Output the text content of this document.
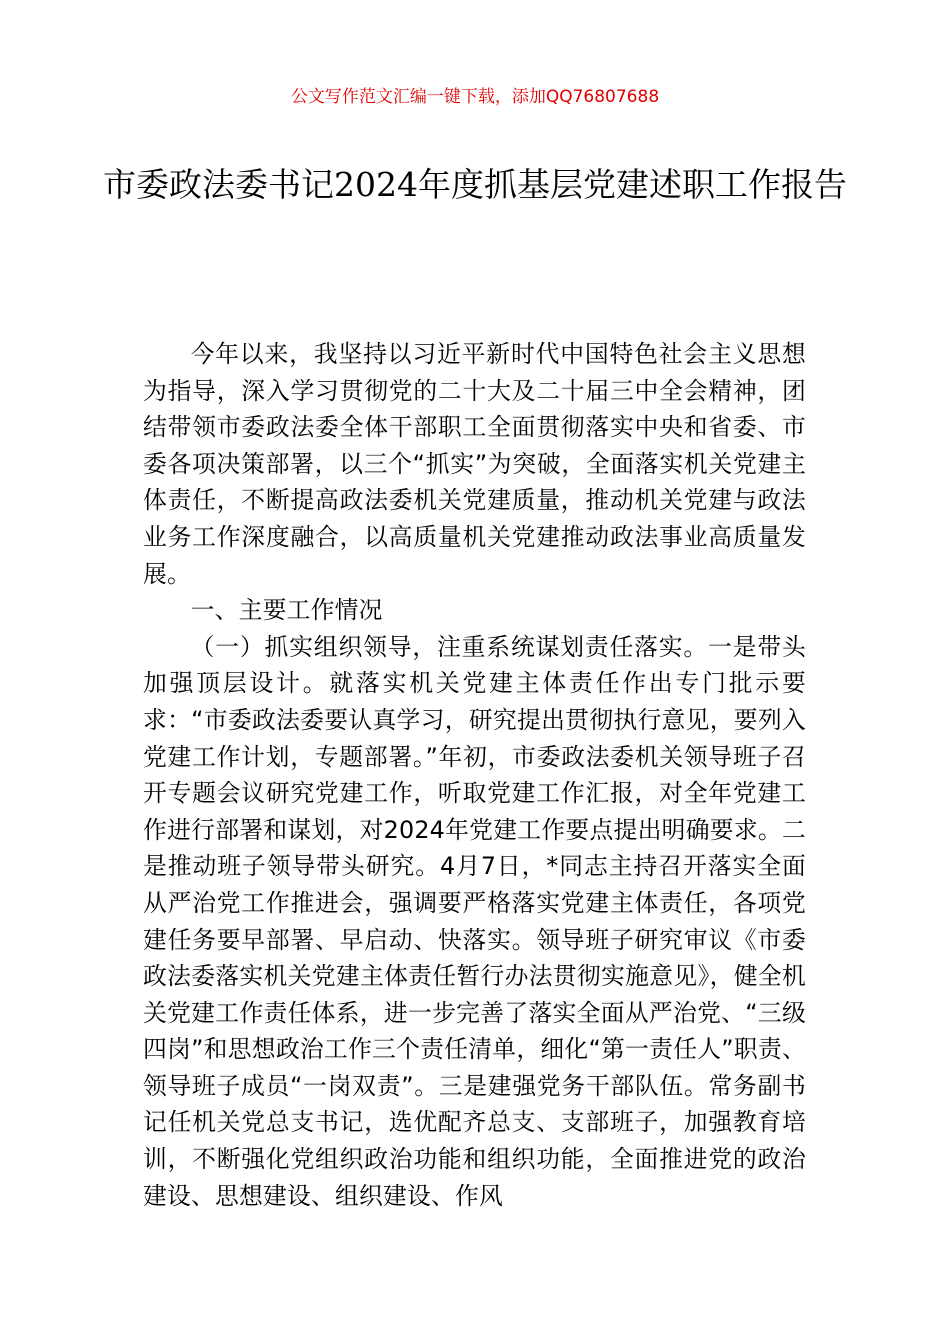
公文写作范文汇编一键下载，添加QQ76807688
市委政法委书记2024年度抓基层党建述职工作报告

今年以来，我坚持以习近平新时代中国特色社会主义思想为指导，深入学习贯彻党的二十大及二十届三中全会精神，团结带领市委政法委全体干部职工全面贯彻落实中央和省委、市委各项决策部署，以三个“抓实”为突破，全面落实机关党建主体责任，不断提高政法委机关党建质量，推动机关党建与政法业务工作深度融合，以高质量机关党建推动政法事业高质量发展。

一、主要工作情况

（一）抓实组织领导，注重系统谋划责任落实。一是带头加强顶层设计。就落实机关党建主体责任作出专门批示要求：“市委政法委要认真学习，研究提出贯彻执行意见，要列入党建工作计划，专题部署。”年初，市委政法委机关领导班子召开专题会议研究党建工作，听取党建工作汇报，对全年党建工作进行部署和谋划，对2024年党建工作要点提出明确要求。二是推动班子领导带头研究。4月7日，*同志主持召开落实全面从严治党工作推进会，强调要严格落实党建主体责任，各项党建任务要早部署、早启动、快落实。领导班子研究审议《市委政法委落实机关党建主体责任暂行办法贯彻实施意见》，健全机关党建工作责任体系，进一步完善了落实全面从严治党、“三级四岗”和思想政治工作三个责任清单，细化“第一责任人”职责、领导班子成员“一岗双责”。三是建强党务干部队伍。常务副书记任机关党总支书记，选优配齐总支、支部班子，加强教育培训，不断强化党组织政治功能和组织功能，全面推进党的政治建设、思想建设、组织建设、作风
